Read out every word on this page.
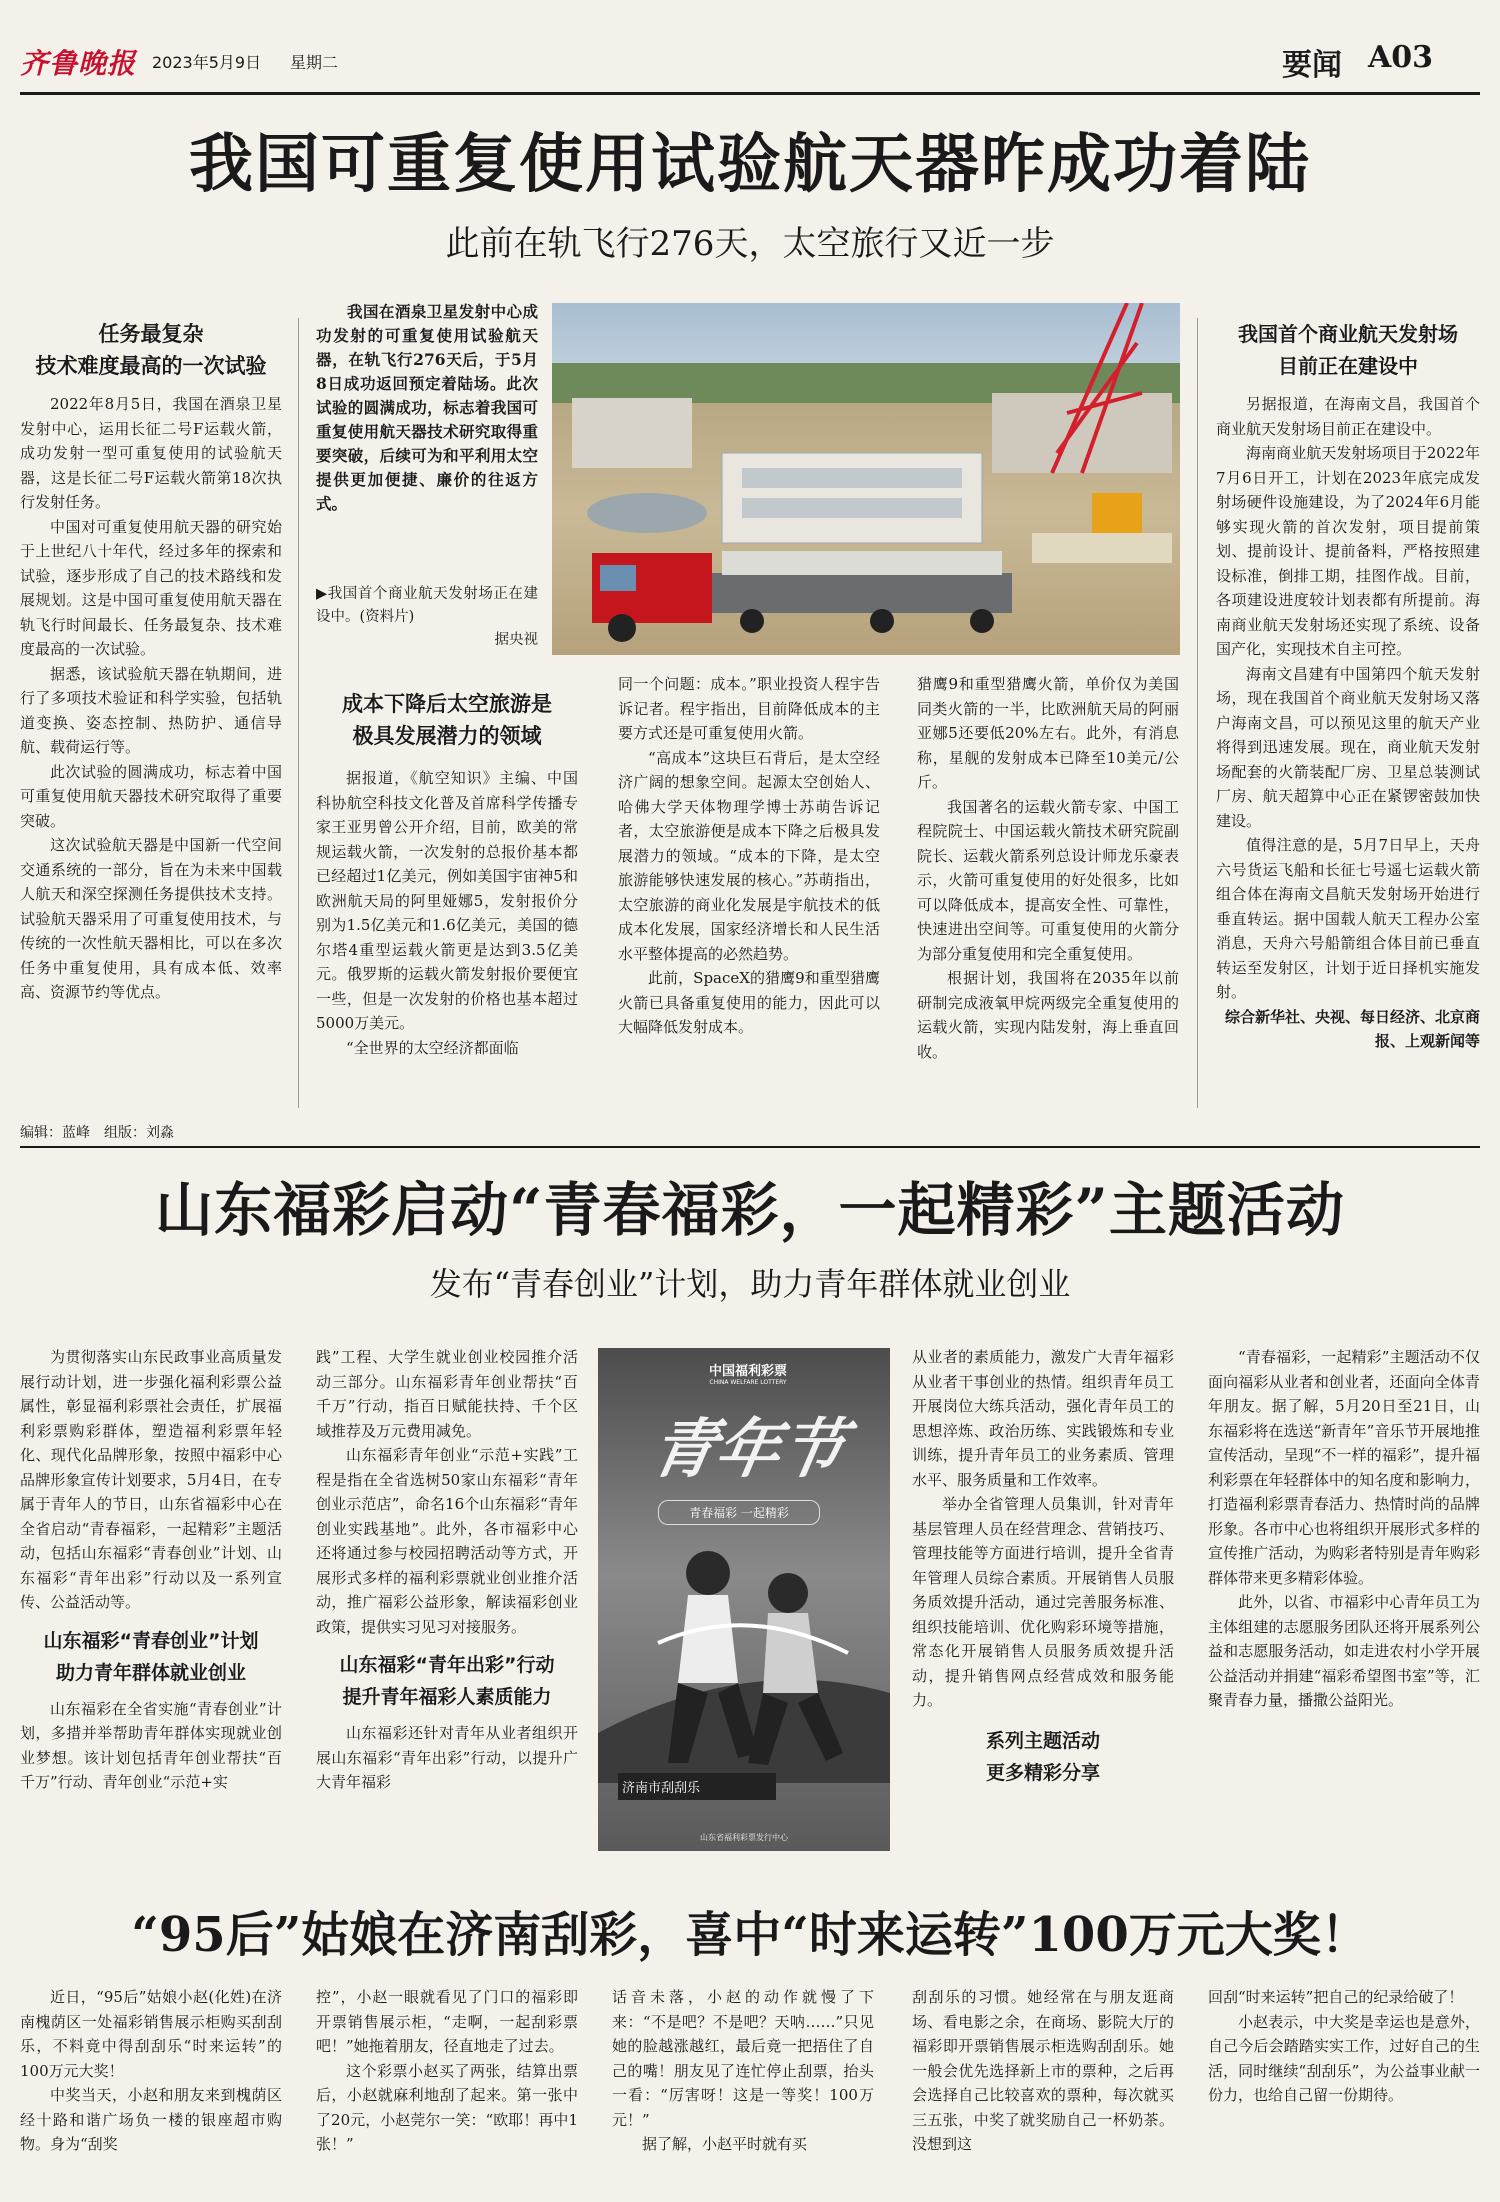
齐鲁晚报 2023年5月9日 星期二	要闻 A03
我国可重复使用试验航天器昨成功着陆
此前在轨飞行276天，太空旅行又近一步

任务最复杂

技术难度最高的一次试验

2022年8月5日，我国在酒泉卫星发射中心，运用长征二号F运载火箭，成功发射一型可重复使用的试验航天器，这是长征二号F运载火箭第18次执行发射任务。

中国对可重复使用航天器的研究始于上世纪八十年代，经过多年的探索和试验，逐步形成了自己的技术路线和发展规划。这是中国可重复使用航天器在轨飞行时间最长、任务最复杂、技术难度最高的一次试验。

据悉，该试验航天器在轨期间，进行了多项技术验证和科学实验，包括轨道变换、姿态控制、热防护、通信导航、载荷运行等。

此次试验的圆满成功，标志着中国可重复使用航天器技术研究取得了重要突破。

这次试验航天器是中国新一代空间交通系统的一部分，旨在为未来中国载人航天和深空探测任务提供技术支持。试验航天器采用了可重复使用技术，与传统的一次性航天器相比，可以在多次任务中重复使用，具有成本低、效率高、资源节约等优点。

我国在酒泉卫星发射中心成功发射的可重复使用试验航天器，在轨飞行276天后，于5月8日成功返回预定着陆场。此次试验的圆满成功，标志着我国可重复使用航天器技术研究取得重要突破，后续可为和平利用太空提供更加便捷、廉价的往返方式。

▶我国首个商业航天发射场正在建设中。(资料片)

据央视

成本下降后太空旅游是

极具发展潜力的领域

据报道，《航空知识》主编、中国科协航空科技文化普及首席科学传播专家王亚男曾公开介绍，目前，欧美的常规运载火箭，一次发射的总报价基本都已经超过1亿美元，例如美国宇宙神5和欧洲航天局的阿里娅娜5，发射报价分别为1.5亿美元和1.6亿美元，美国的德尔塔4重型运载火箭更是达到3.5亿美元。俄罗斯的运载火箭发射报价要便宜一些，但是一次发射的价格也基本超过5000万美元。

“全世界的太空经济都面临

同一个问题：成本。”职业投资人程宇告诉记者。程宇指出，目前降低成本的主要方式还是可重复使用火箭。

“高成本”这块巨石背后，是太空经济广阔的想象空间。起源太空创始人、哈佛大学天体物理学博士苏萌告诉记者，太空旅游便是成本下降之后极具发展潜力的领域。“成本的下降，是太空旅游能够快速发展的核心。”苏萌指出，太空旅游的商业化发展是宇航技术的低成本化发展，国家经济增长和人民生活水平整体提高的必然趋势。

此前，SpaceX的猎鹰9和重型猎鹰火箭已具备重复使用的能力，因此可以大幅降低发射成本。

猎鹰9和重型猎鹰火箭，单价仅为美国同类火箭的一半，比欧洲航天局的阿丽亚娜5还要低20%左右。此外，有消息称，星舰的发射成本已降至10美元/公斤。

我国著名的运载火箭专家、中国工程院院士、中国运载火箭技术研究院副院长、运载火箭系列总设计师龙乐豪表示，火箭可重复使用的好处很多，比如可以降低成本，提高安全性、可靠性，快速进出空间等。可重复使用的火箭分为部分重复使用和完全重复使用。

根据计划，我国将在2035年以前研制完成液氧甲烷两级完全重复使用的运载火箭，实现内陆发射，海上垂直回收。

我国首个商业航天发射场

目前正在建设中

另据报道，在海南文昌，我国首个商业航天发射场目前正在建设中。

海南商业航天发射场项目于2022年7月6日开工，计划在2023年底完成发射场硬件设施建设，为了2024年6月能够实现火箭的首次发射，项目提前策划、提前设计、提前备料，严格按照建设标准，倒排工期，挂图作战。目前，各项建设进度较计划表都有所提前。海南商业航天发射场还实现了系统、设备国产化，实现技术自主可控。

海南文昌建有中国第四个航天发射场，现在我国首个商业航天发射场又落户海南文昌，可以预见这里的航天产业将得到迅速发展。现在，商业航天发射场配套的火箭装配厂房、卫星总装测试厂房、航天超算中心正在紧锣密鼓加快建设。

值得注意的是，5月7日早上，天舟六号货运飞船和长征七号遥七运载火箭组合体在海南文昌航天发射场开始进行垂直转运。据中国载人航天工程办公室消息，天舟六号船箭组合体目前已垂直转运至发射区，计划于近日择机实施发射。

综合新华社、央视、每日经济、北京商报、上观新闻等

编辑：蓝峰　组版：刘淼
山东福彩启动“青春福彩，一起精彩”主题活动
发布“青春创业”计划，助力青年群体就业创业

为贯彻落实山东民政事业高质量发展行动计划，进一步强化福利彩票公益属性，彰显福利彩票社会责任，扩展福利彩票购彩群体，塑造福利彩票年轻化、现代化品牌形象，按照中福彩中心品牌形象宣传计划要求，5月4日，在专属于青年人的节日，山东省福彩中心在全省启动“青春福彩，一起精彩”主题活动，包括山东福彩“青春创业”计划、山东福彩“青年出彩”行动以及一系列宣传、公益活动等。

山东福彩“青春创业”计划

助力青年群体就业创业

山东福彩在全省实施“青春创业”计划，多措并举帮助青年群体实现就业创业梦想。该计划包括青年创业帮扶“百千万”行动、青年创业“示范+实

践”工程、大学生就业创业校园推介活动三部分。山东福彩青年创业帮扶“百千万”行动，指百日赋能扶持、千个区域推荐及万元费用减免。

山东福彩青年创业“示范+实践”工程是指在全省选树50家山东福彩“青年创业示范店”，命名16个山东福彩“青年创业实践基地”。此外，各市福彩中心还将通过参与校园招聘活动等方式，开展形式多样的福利彩票就业创业推介活动，推广福彩公益形象，解读福彩创业政策，提供实习见习对接服务。

山东福彩“青年出彩”行动

提升青年福彩人素质能力

山东福彩还针对青年从业者组织开展山东福彩“青年出彩”行动，以提升广大青年福彩

中国福利彩票
CHINA WELFARE LOTTERY
青年节
青春福彩 一起精彩
济南市刮刮乐
山东省福利彩票发行中心

从业者的素质能力，激发广大青年福彩从业者干事创业的热情。组织青年员工开展岗位大练兵活动，强化青年员工的思想淬炼、政治历练、实践锻炼和专业训练，提升青年员工的业务素质、管理水平、服务质量和工作效率。

举办全省管理人员集训，针对青年基层管理人员在经营理念、营销技巧、管理技能等方面进行培训，提升全省青年管理人员综合素质。开展销售人员服务质效提升活动，通过完善服务标准、组织技能培训、优化购彩环境等措施，常态化开展销售人员服务质效提升活动，提升销售网点经营成效和服务能力。

系列主题活动

更多精彩分享

“青春福彩，一起精彩”主题活动不仅面向福彩从业者和创业者，还面向全体青年朋友。据了解，5月20日至21日，山东福彩将在选送“新青年”音乐节开展地推宣传活动，呈现“不一样的福彩”，提升福利彩票在年轻群体中的知名度和影响力，打造福利彩票青春活力、热情时尚的品牌形象。各市中心也将组织开展形式多样的宣传推广活动，为购彩者特别是青年购彩群体带来更多精彩体验。

此外，以省、市福彩中心青年员工为主体组建的志愿服务团队还将开展系列公益和志愿服务活动，如走进农村小学开展公益活动并捐建“福彩希望图书室”等，汇聚青春力量，播撒公益阳光。

“95后”姑娘在济南刮彩，喜中“时来运转”100万元大奖！

近日，“95后”姑娘小赵(化姓)在济南槐荫区一处福彩销售展示柜购买刮刮乐，不料竟中得刮刮乐“时来运转”的100万元大奖！

中奖当天，小赵和朋友来到槐荫区经十路和谐广场负一楼的银座超市购物。身为“刮奖

控”，小赵一眼就看见了门口的福彩即开票销售展示柜，“走啊，一起刮彩票吧！”她拖着朋友，径直地走了过去。

这个彩票小赵买了两张，结算出票后，小赵就麻利地刮了起来。第一张中了20元，小赵莞尔一笑：“欧耶！再中1张！”

话音未落，小赵的动作就慢了下来：“不是吧？不是吧？天呐……”只见她的脸越涨越红，最后竟一把捂住了自己的嘴！朋友见了连忙停止刮票，抬头一看：“厉害呀！这是一等奖！100万元！”

据了解，小赵平时就有买

刮刮乐的习惯。她经常在与朋友逛商场、看电影之余，在商场、影院大厅的福彩即开票销售展示柜选购刮刮乐。她一般会优先选择新上市的票种，之后再会选择自己比较喜欢的票种，每次就买三五张，中奖了就奖励自己一杯奶茶。没想到这

回刮“时来运转”把自己的纪录给破了！

小赵表示，中大奖是幸运也是意外，自己今后会踏踏实实工作，过好自己的生活，同时继续“刮刮乐”，为公益事业献一份力，也给自己留一份期待。
